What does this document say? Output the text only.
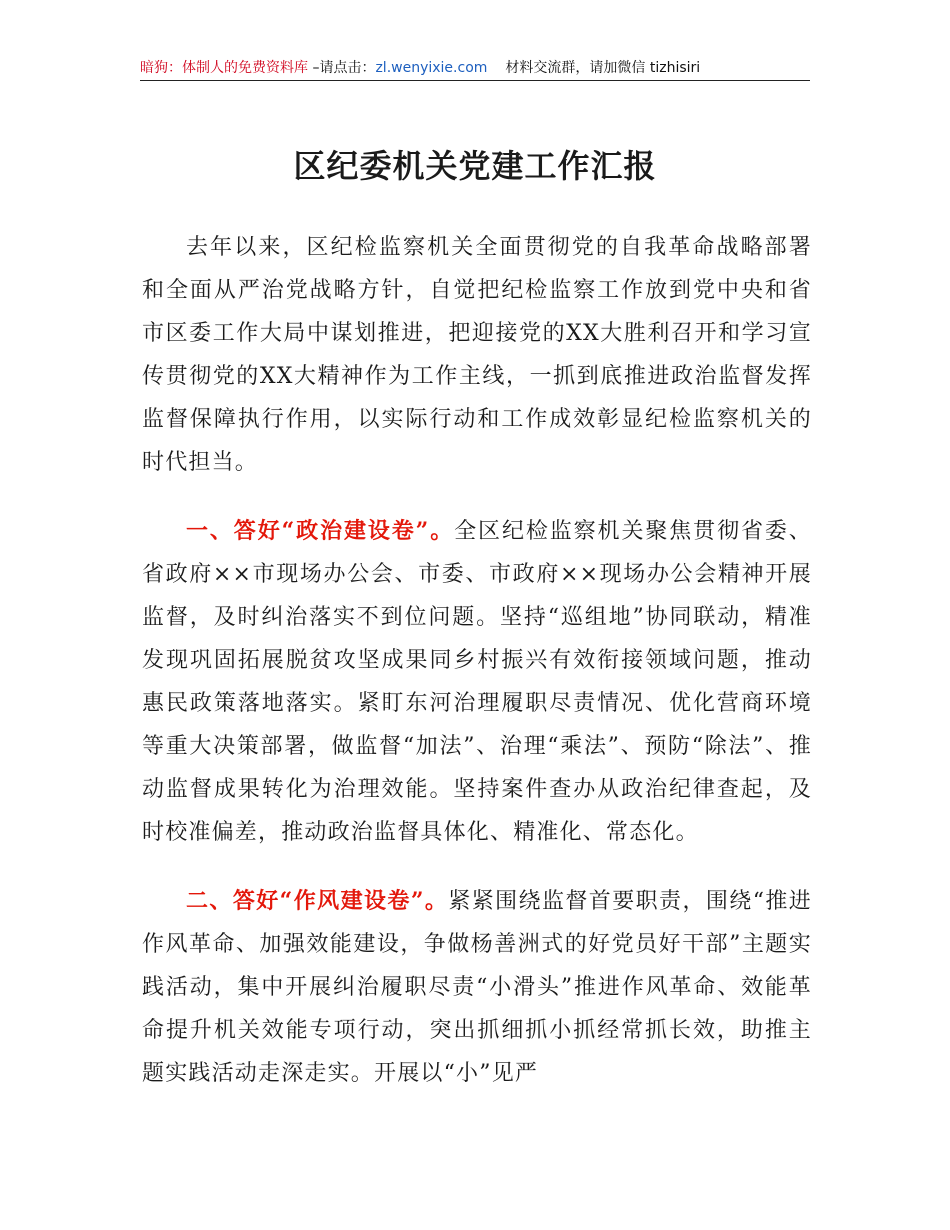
暗狗：体制人的免费资料库 –请点击：zl.wenyixie.com 材料交流群，请加微信 tizhisiri
区纪委机关党建工作汇报

去年以来，区纪检监察机关全面贯彻党的自我革命战略部署和全面从严治党战略方针，自觉把纪检监察工作放到党中央和省市区委工作大局中谋划推进，把迎接党的XX大胜利召开和学习宣传贯彻党的XX大精神作为工作主线，一抓到底推进政治监督发挥监督保障执行作用，以实际行动和工作成效彰显纪检监察机关的时代担当。

一、答好“政治建设卷”。全区纪检监察机关聚焦贯彻省委、省政府××市现场办公会、市委、市政府××现场办公会精神开展监督，及时纠治落实不到位问题。坚持“巡组地”协同联动，精准发现巩固拓展脱贫攻坚成果同乡村振兴有效衔接领域问题，推动惠民政策落地落实。紧盯东河治理履职尽责情况、优化营商环境等重大决策部署，做监督“加法”、治理“乘法”、预防“除法”、推动监督成果转化为治理效能。坚持案件查办从政治纪律查起，及时校准偏差，推动政治监督具体化、精准化、常态化。

二、答好“作风建设卷”。紧紧围绕监督首要职责，围绕“推进作风革命、加强效能建设，争做杨善洲式的好党员好干部”主题实践活动，集中开展纠治履职尽责“小滑头”推进作风革命、效能革命提升机关效能专项行动，突出抓细抓小抓经常抓长效，助推主题实践活动走深走实。开展以“小”见严
